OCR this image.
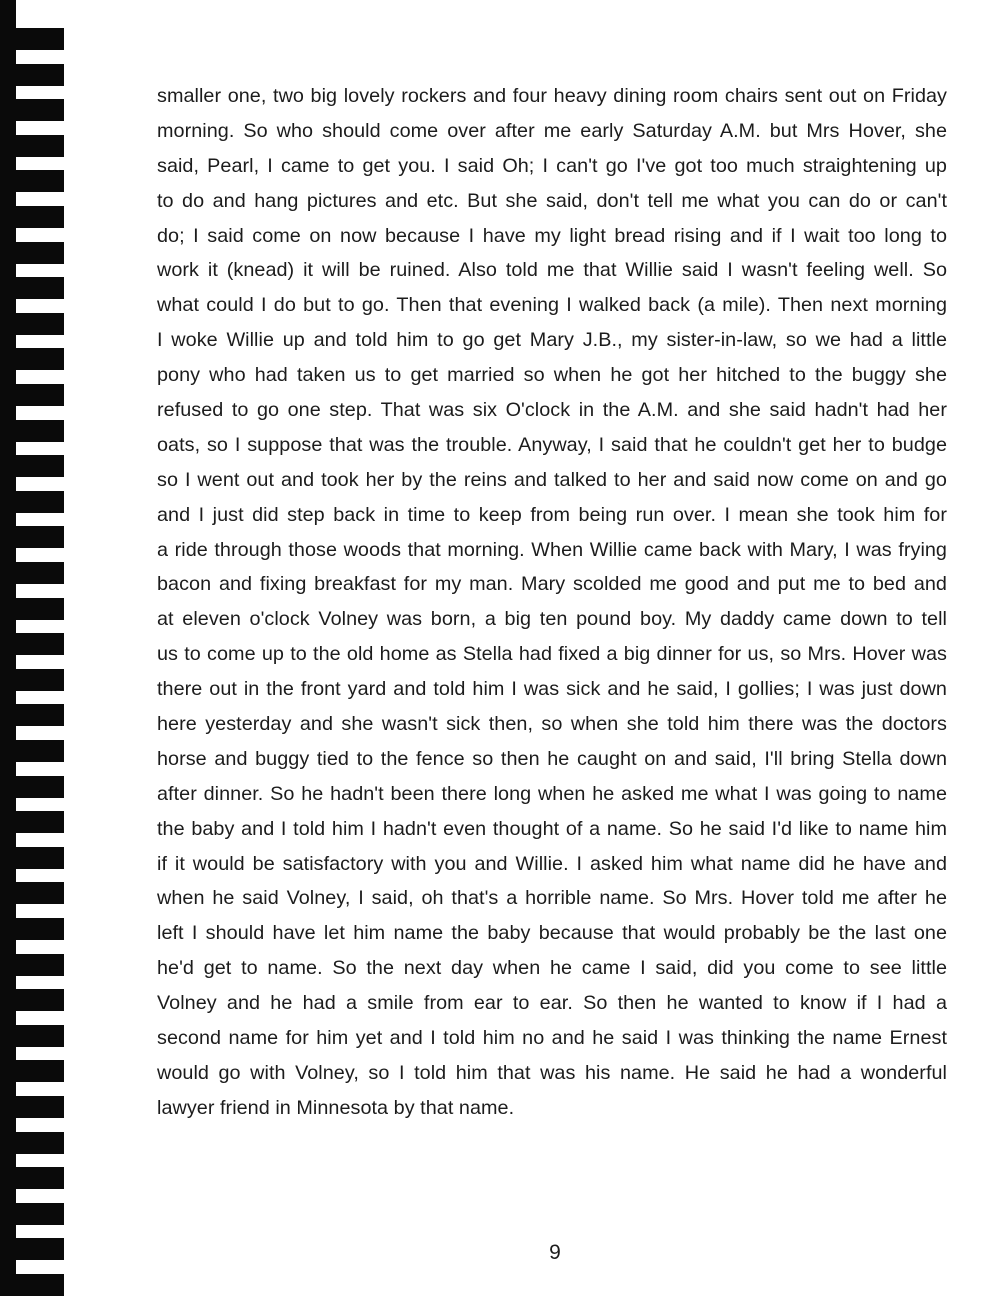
smaller one, two big lovely rockers and four heavy dining room chairs sent out on Friday
morning. So who should come over after me early Saturday A.M. but Mrs Hover, she
said, Pearl, I came to get you. I said Oh; I can't go I've got too much straightening up
to do and hang pictures and etc. But she said, don't tell me what you can do or can't
do; I said come on now because I have my light bread rising and if I wait too long to
work it (knead) it will be ruined. Also told me that Willie said I wasn't feeling well. So
what could I do but to go. Then that evening I walked back (a mile). Then next morning
I woke Willie up and told him to go get Mary J.B., my sister-in-law, so we had a little
pony who had taken us to get married so when he got her hitched to the buggy she
refused to go one step. That was six O'clock in the A.M. and she said hadn't had her
oats, so I suppose that was the trouble. Anyway, I said that he couldn't get her to budge
so I went out and took her by the reins and talked to her and said now come on and go
and I just did step back in time to keep from being run over. I mean she took him for
a ride through those woods that morning. When Willie came back with Mary, I was frying
bacon and fixing breakfast for my man. Mary scolded me good and put me to bed and
at eleven o'clock Volney was born, a big ten pound boy. My daddy came down to tell
us to come up to the old home as Stella had fixed a big dinner for us, so Mrs. Hover was
there out in the front yard and told him I was sick and he said, I gollies; I was just down
here yesterday and she wasn't sick then, so when she told him there was the doctors
horse and buggy tied to the fence so then he caught on and said, I'll bring Stella down
after dinner. So he hadn't been there long when he asked me what I was going to name
the baby and I told him I hadn't even thought of a name. So he said I'd like to name him
if it would be satisfactory with you and Willie. I asked him what name did he have and
when he said Volney, I said, oh that's a horrible name. So Mrs. Hover told me after he
left I should have let him name the baby because that would probably be the last one
he'd get to name. So the next day when he came I said, did you come to see little
Volney and he had a smile from ear to ear. So then he wanted to know if I had a
second name for him yet and I told him no and he said I was thinking the name Ernest
would go with Volney, so I told him that was his name. He said he had a wonderful
lawyer friend in Minnesota by that name.
9
